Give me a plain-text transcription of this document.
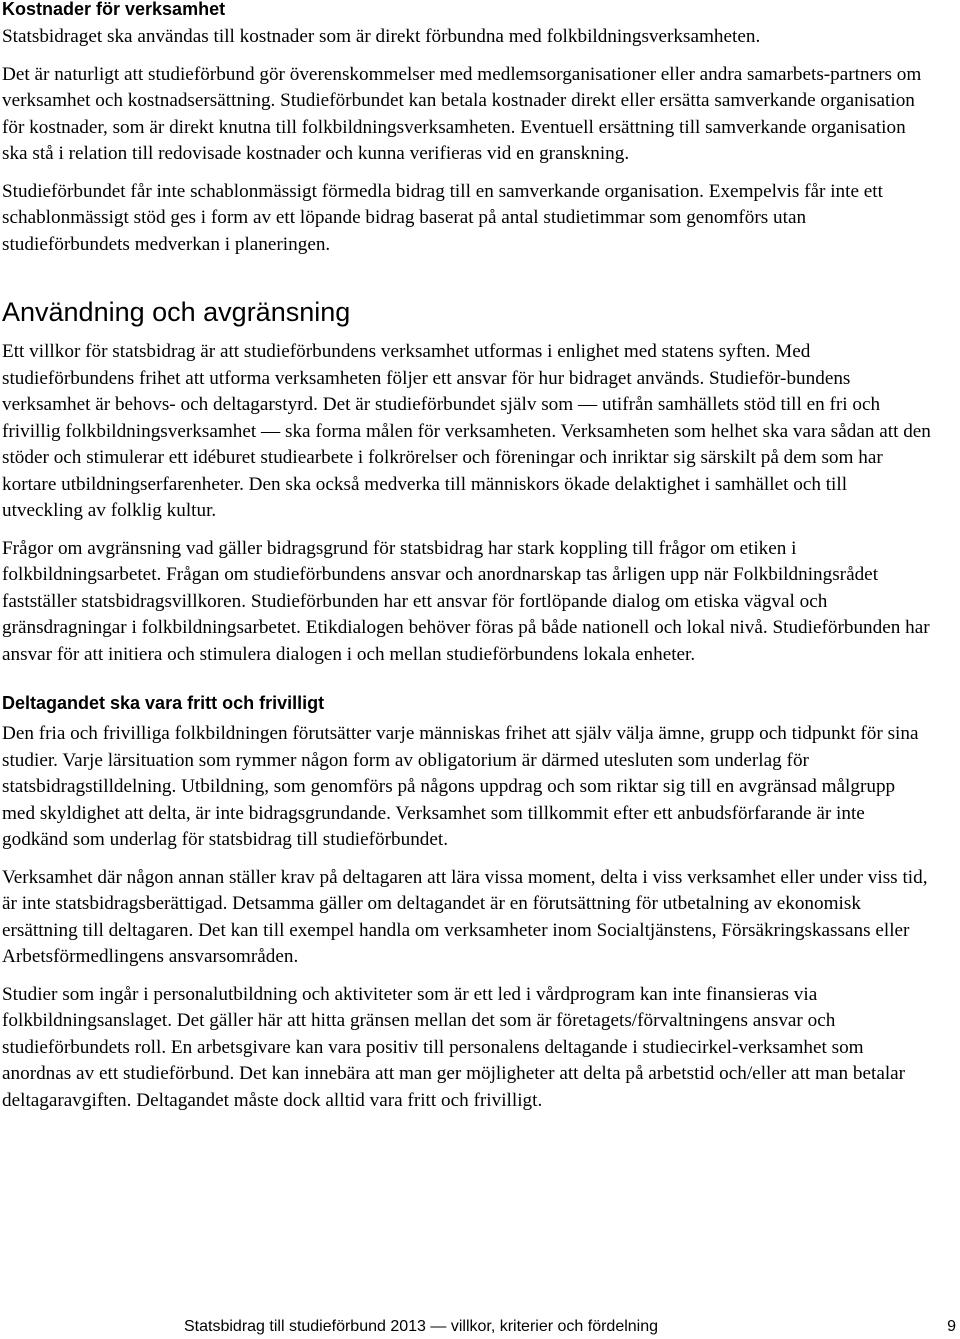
Kostnader för verksamhet

Statsbidraget ska användas till kostnader som är direkt förbundna med folkbildningsverksamheten.

Det är naturligt att studieförbund gör överenskommelser med medlemsorganisationer eller andra samarbets-partners om verksamhet och kostnadsersättning. Studieförbundet kan betala kostnader direkt eller ersätta samverkande organisation för kostnader, som är direkt knutna till folkbildningsverksamheten. Eventuell ersättning till samverkande organisation ska stå i relation till redovisade kostnader och kunna verifieras vid en granskning.

Studieförbundet får inte schablonmässigt förmedla bidrag till en samverkande organisation. Exempelvis får inte ett schablonmässigt stöd ges i form av ett löpande bidrag baserat på antal studietimmar som genomförs utan studieförbundets medverkan i planeringen.

Användning och avgränsning

Ett villkor för statsbidrag är att studieförbundens verksamhet utformas i enlighet med statens syften. Med studieförbundens frihet att utforma verksamheten följer ett ansvar för hur bidraget används. Studieför-bundens verksamhet är behovs- och deltagarstyrd. Det är studieförbundet själv som — utifrån samhällets stöd till en fri och frivillig folkbildningsverksamhet — ska forma målen för verksamheten. Verksamheten som helhet ska vara sådan att den stöder och stimulerar ett idéburet studiearbete i folkrörelser och föreningar och inriktar sig särskilt på dem som har kortare utbildningserfarenheter. Den ska också medverka till människors ökade delaktighet i samhället och till utveckling av folklig kultur.

Frågor om avgränsning vad gäller bidragsgrund för statsbidrag har stark koppling till frågor om etiken i folkbildningsarbetet. Frågan om studieförbundens ansvar och anordnarskap tas årligen upp när Folkbildningsrådet fastställer statsbidragsvillkoren. Studieförbunden har ett ansvar för fortlöpande dialog om etiska vägval och gränsdragningar i folkbildningsarbetet. Etikdialogen behöver föras på både nationell och lokal nivå. Studieförbunden har ansvar för att initiera och stimulera dialogen i och mellan studieförbundens lokala enheter.

Deltagandet ska vara fritt och frivilligt

Den fria och frivilliga folkbildningen förutsätter varje människas frihet att själv välja ämne, grupp och tidpunkt för sina studier. Varje lärsituation som rymmer någon form av obligatorium är därmed utesluten som underlag för statsbidragstilldelning. Utbildning, som genomförs på någons uppdrag och som riktar sig till en avgränsad målgrupp med skyldighet att delta, är inte bidragsgrundande. Verksamhet som tillkommit efter ett anbudsförfarande är inte godkänd som underlag för statsbidrag till studieförbundet.

Verksamhet där någon annan ställer krav på deltagaren att lära vissa moment, delta i viss verksamhet eller under viss tid, är inte statsbidragsberättigad. Detsamma gäller om deltagandet är en förutsättning för utbetalning av ekonomisk ersättning till deltagaren. Det kan till exempel handla om verksamheter inom Socialtjänstens, Försäkringskassans eller Arbetsförmedlingens ansvarsområden.

Studier som ingår i personalutbildning och aktiviteter som är ett led i vårdprogram kan inte finansieras via folkbildningsanslaget. Det gäller här att hitta gränsen mellan det som är företagets/förvaltningens ansvar och studieförbundets roll. En arbetsgivare kan vara positiv till personalens deltagande i studiecirkel-verksamhet som anordnas av ett studieförbund. Det kan innebära att man ger möjligheter att delta på arbetstid och/eller att man betalar deltagaravgiften. Deltagandet måste dock alltid vara fritt och frivilligt.

Statsbidrag till studieförbund 2013 — villkor, kriterier och fördelning	9
